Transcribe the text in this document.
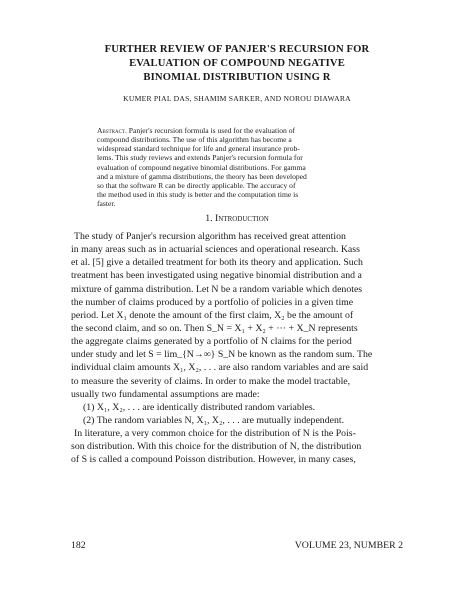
FURTHER REVIEW OF PANJER'S RECURSION FOR
EVALUATION OF COMPOUND NEGATIVE
BINOMIAL DISTRIBUTION USING R
KUMER PIAL DAS, SHAMIM SARKER, AND NOROU DIAWARA
Abstract. Panjer's recursion formula is used for the evaluation of
compound distributions. The use of this algorithm has become a
widespread standard technique for life and general insurance prob-
lems. This study reviews and extends Panjer's recursion formula for
evaluation of compound negative binomial distributions. For gamma
and a mixture of gamma distributions, the theory has been developed
so that the software R can be directly applicable. The accuracy of
the method used in this study is better and the computation time is
faster.
1. Introduction
The study of Panjer's recursion algorithm has received great attention
in many areas such as in actuarial sciences and operational research. Kass
et al. [5] give a detailed treatment for both its theory and application. Such
treatment has been investigated using negative binomial distribution and a
mixture of gamma distribution. Let N be a random variable which denotes
the number of claims produced by a portfolio of policies in a given time
period. Let X₁ denote the amount of the first claim, X₂ be the amount of
the second claim, and so on. Then S_N = X₁ + X₂ + ··· + X_N represents
the aggregate claims generated by a portfolio of N claims for the period
under study and let S = lim_{N→∞} S_N be known as the random sum. The
individual claim amounts X₁, X₂, . . . are also random variables and are said
to measure the severity of claims. In order to make the model tractable,
usually two fundamental assumptions are made:
(1) X₁, X₂, . . . are identically distributed random variables.
(2) The random variables N, X₁, X₂, . . . are mutually independent.
In literature, a very common choice for the distribution of N is the Pois-
son distribution. With this choice for the distribution of N, the distribution
of S is called a compound Poisson distribution. However, in many cases,
182	VOLUME 23, NUMBER 2
